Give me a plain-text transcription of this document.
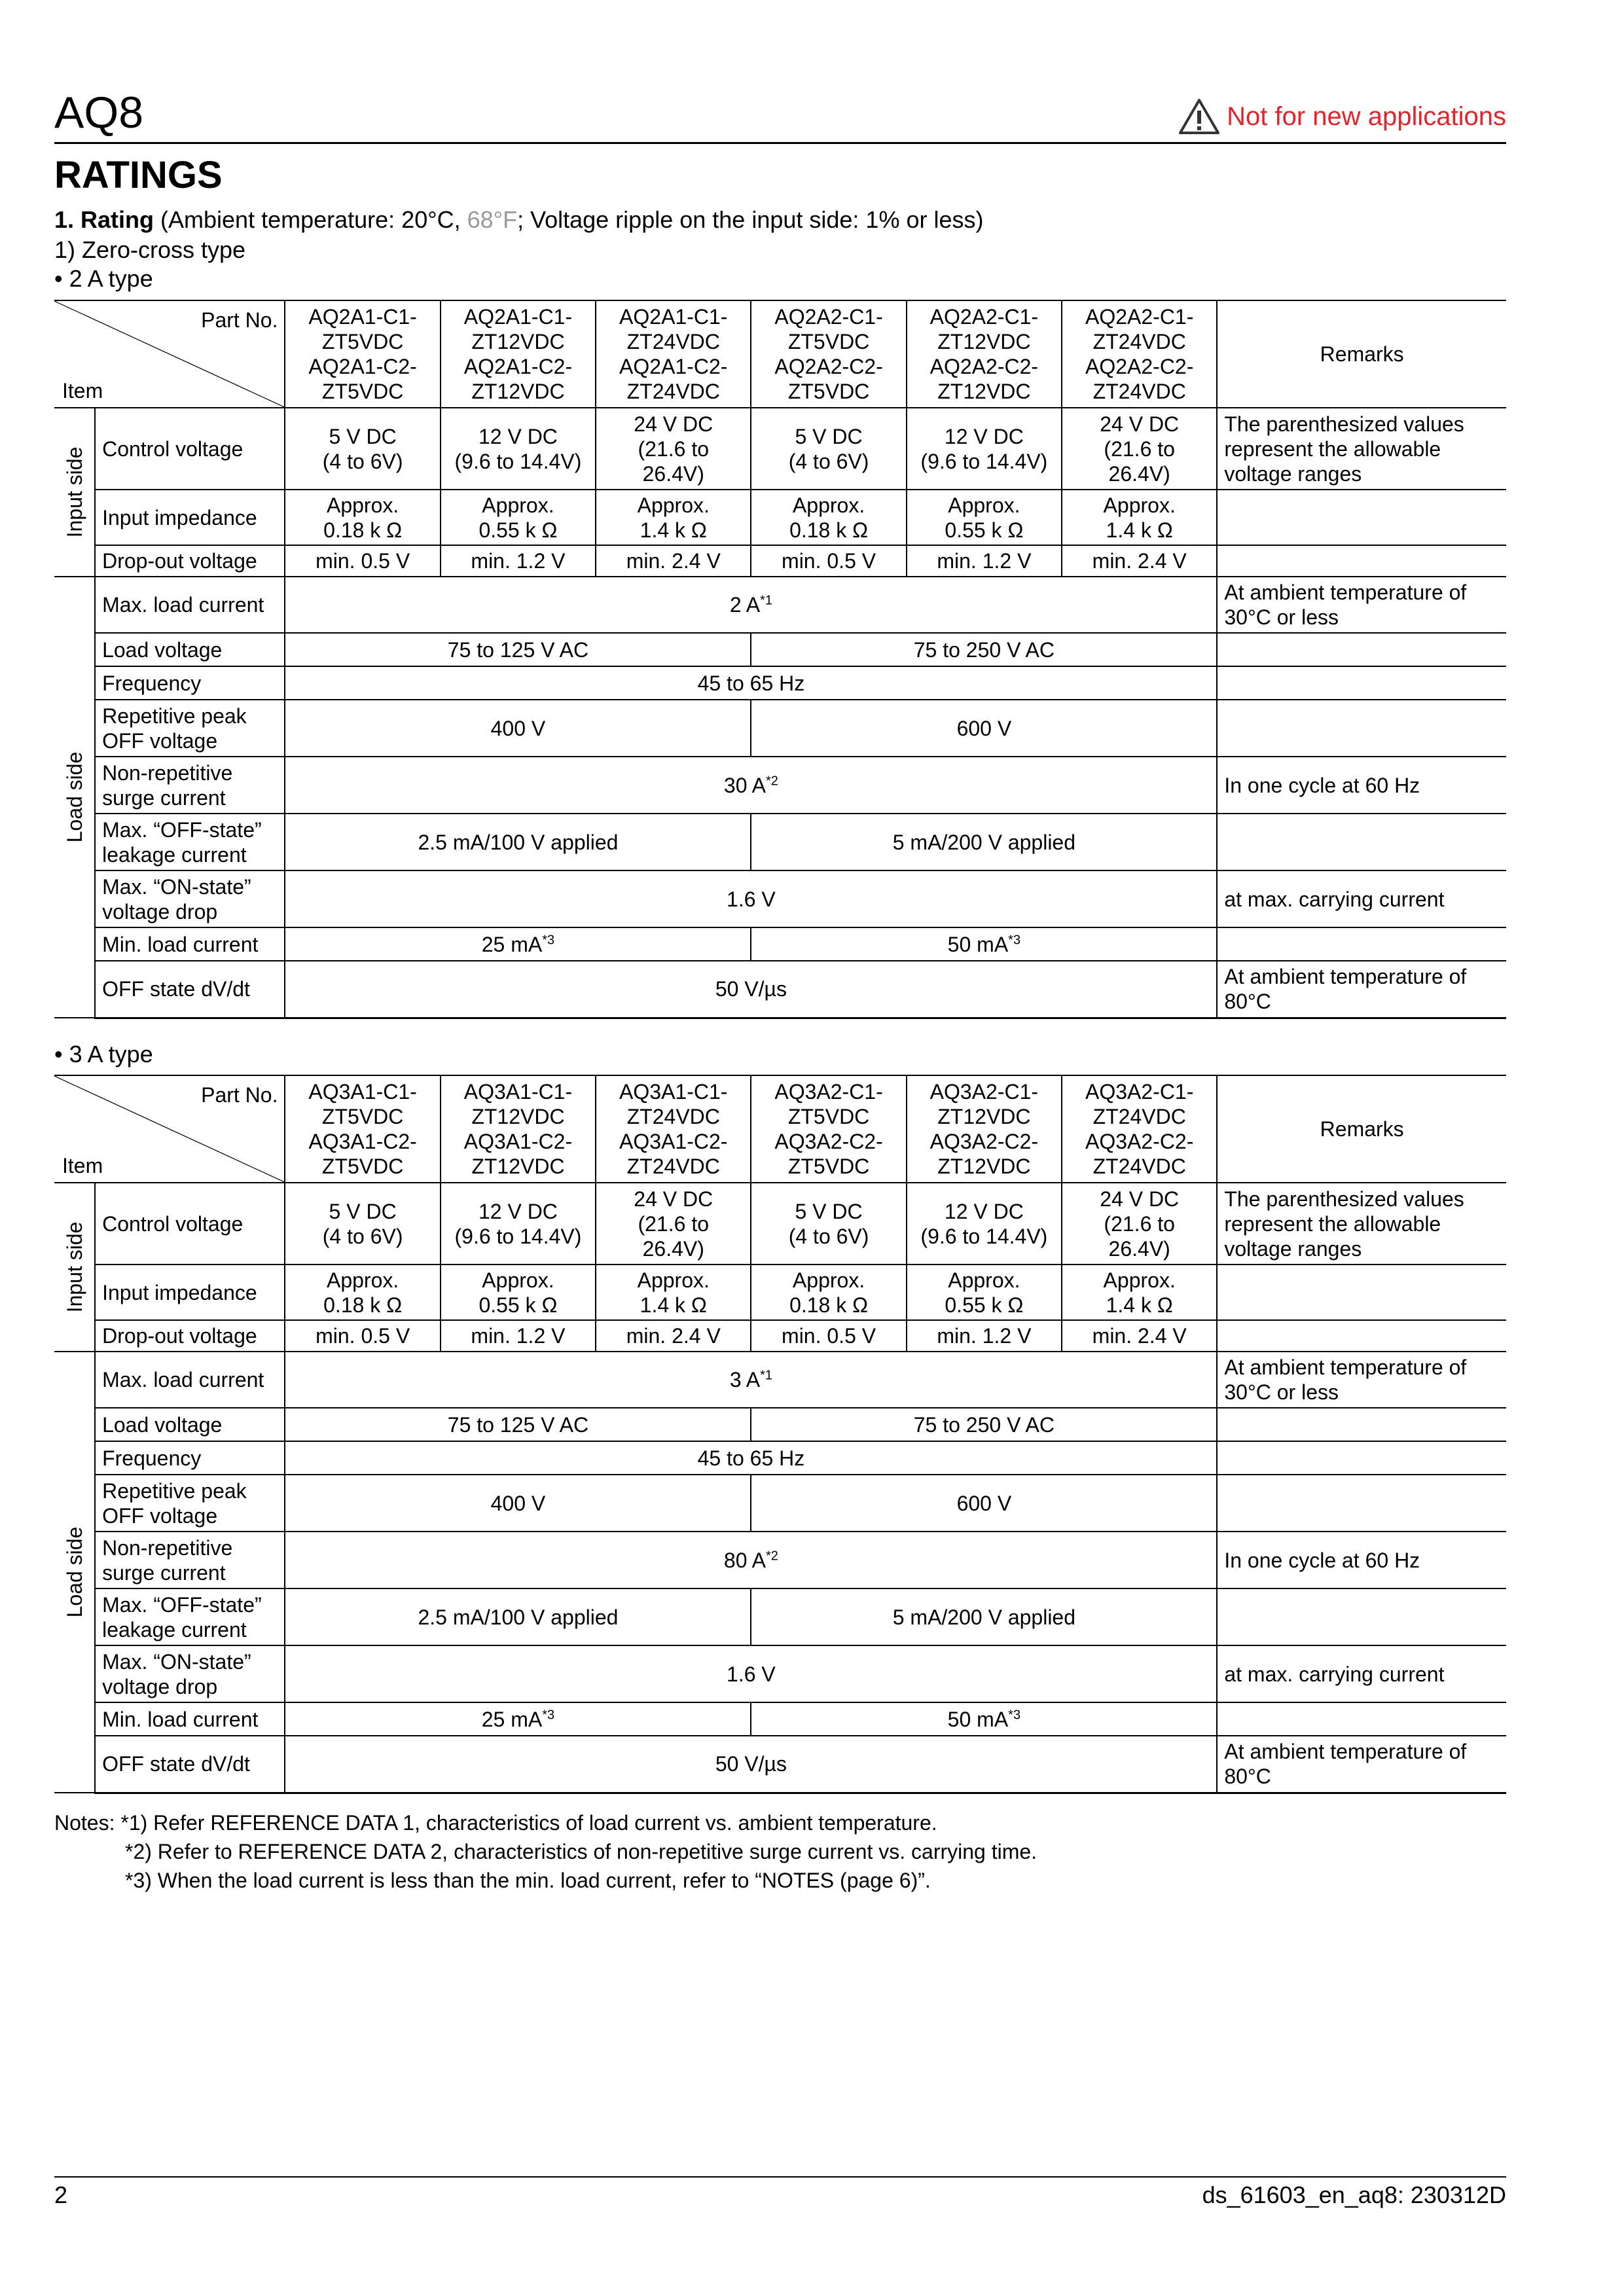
AQ8	Not for new applications
RATINGS
1. Rating (Ambient temperature: 20°C, 68°F; Voltage ripple on the input side: 1% or less)
1) Zero-cross type
• 2 A type
• 3 A type
Part No.
Item		AQ2A1-C1-
ZT5VDC
AQ2A1-C2-
ZT5VDC	AQ2A1-C1-
ZT12VDC
AQ2A1-C2-
ZT12VDC	AQ2A1-C1-
ZT24VDC
AQ2A1-C2-
ZT24VDC	AQ2A2-C1-
ZT5VDC
AQ2A2-C2-
ZT5VDC	AQ2A2-C1-
ZT12VDC
AQ2A2-C2-
ZT12VDC	AQ2A2-C1-
ZT24VDC
AQ2A2-C2-
ZT24VDC	Remarks

Input side	Control voltage	5 V DC
(4 to 6V)	12 V DC
(9.6 to 14.4V)	24 V DC
(21.6 to
26.4V)	5 V DC
(4 to 6V)	12 V DC
(9.6 to 14.4V)	24 V DC
(21.6 to
26.4V)	The parenthesized values
represent the allowable
voltage ranges
	Input impedance	Approx.
0.18 k Ω	Approx.
0.55 k Ω	Approx.
1.4 k Ω	Approx.
0.18 k Ω	Approx.
0.55 k Ω	Approx.
1.4 k Ω	
	Drop-out voltage	min. 0.5 V	min. 1.2 V	min. 2.4 V	min. 0.5 V	min. 1.2 V	min. 2.4 V	

Load side	Max. load current	2 $A^{*1}$						At ambient temperature of
30°C or less
	Load voltage	75 to 125 V AC			75 to 250 V AC			
	Frequency	45 to 65 Hz						
	Repetitive peak
OFF voltage	400 V			600 V			
	Non-repetitive
surge current	30 $A^{*2}$						In one cycle at 60 Hz
	Max. “OFF-state”
leakage current	2.5 mA/100 V applied			5 mA/200 V applied			
	Max. “ON-state”
voltage drop	1.6 V						at max. carrying current
	Min. load current	25 $mA^{*3}$			50 $mA^{*3}$	
	OFF state dV/dt	50 V/µs						At ambient temperature of
80°C
Part No.
Item		AQ3A1-C1-
ZT5VDC
AQ3A1-C2-
ZT5VDC	AQ3A1-C1-
ZT12VDC
AQ3A1-C2-
ZT12VDC	AQ3A1-C1-
ZT24VDC
AQ3A1-C2-
ZT24VDC	AQ3A2-C1-
ZT5VDC
AQ3A2-C2-
ZT5VDC	AQ3A2-C1-
ZT12VDC
AQ3A2-C2-
ZT12VDC	AQ3A2-C1-
ZT24VDC
AQ3A2-C2-
ZT24VDC	Remarks

Input side	Control voltage	5 V DC
(4 to 6V)	12 V DC
(9.6 to 14.4V)	24 V DC
(21.6 to
26.4V)	5 V DC
(4 to 6V)	12 V DC
(9.6 to 14.4V)	24 V DC
(21.6 to
26.4V)	The parenthesized values
represent the allowable
voltage ranges
	Input impedance	Approx.
0.18 k Ω	Approx.
0.55 k Ω	Approx.
1.4 k Ω	Approx.
0.18 k Ω	Approx.
0.55 k Ω	Approx.
1.4 k Ω	
	Drop-out voltage	min. 0.5 V	min. 1.2 V	min. 2.4 V	min. 0.5 V	min. 1.2 V	min. 2.4 V	

Load side	Max. load current	3 $A^{*1}$						At ambient temperature of
30°C or less
	Load voltage	75 to 125 V AC			75 to 250 V AC			
	Frequency	45 to 65 Hz						
	Repetitive peak
OFF voltage	400 V			600 V			
	Non-repetitive
surge current	80 $A^{*2}$						In one cycle at 60 Hz
	Max. “OFF-state”
leakage current	2.5 mA/100 V applied			5 mA/200 V applied			
	Max. “ON-state”
voltage drop	1.6 V						at max. carrying current
	Min. load current	25 $mA^{*3}$			50 $mA^{*3}$	
	OFF state dV/dt	50 V/µs						At ambient temperature of
80°C
Notes: *1) Refer REFERENCE DATA 1, characteristics of load current vs. ambient temperature.
*2) Refer to REFERENCE DATA 2, characteristics of non-repetitive surge current vs. carrying time.
*3) When the load current is less than the min. load current, refer to “NOTES (page 6)”.
2	ds_61603_en_aq8: 230312D
